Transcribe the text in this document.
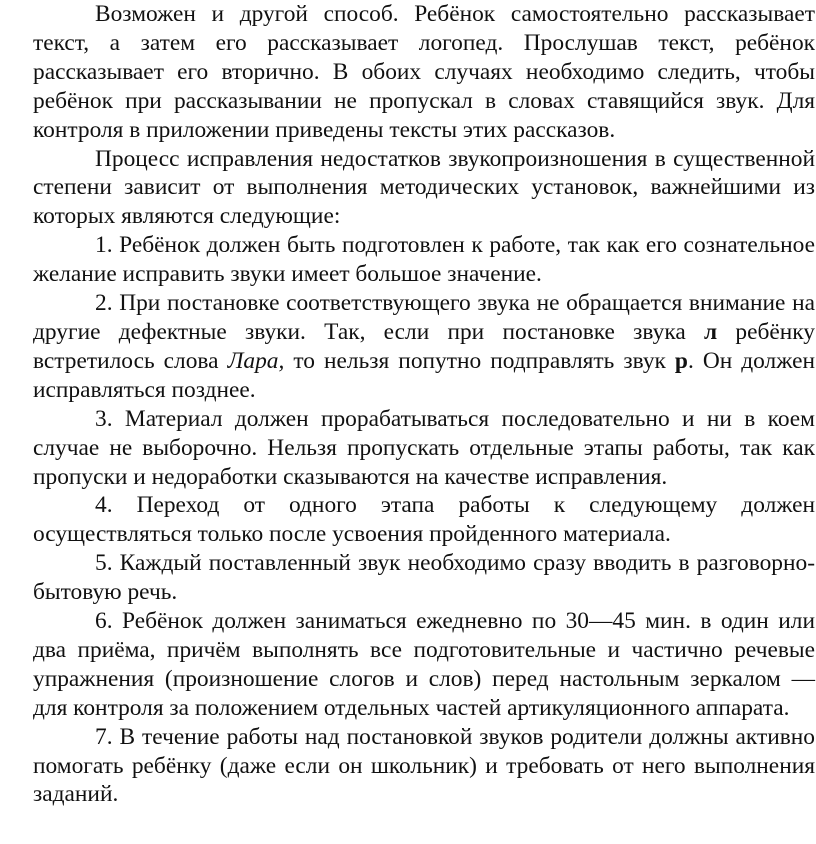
Возможен и другой способ. Ребёнок самостоятельно рассказывает текст, а затем его рассказывает логопед. Прослушав текст, ребёнок рассказывает его вторично. В обоих случаях необходимо следить, чтобы ребёнок при рассказывании не пропускал в словах ставящийся звук. Для контроля в приложении приведены тексты этих рассказов.

Процесс исправления недостатков звукопроизношения в существенной степени зависит от выполнения методических установок, важнейшими из которых являются следующие:

1. Ребёнок должен быть подготовлен к работе, так как его сознательное желание исправить звуки имеет большое значение.

2. При постановке соответствующего звука не обращается внимание на другие дефектные звуки. Так, если при постановке звука л ребёнку встретилось слова Лара, то нельзя попутно подправлять звук р. Он должен исправляться позднее.

3. Материал должен прорабатываться последовательно и ни в коем случае не выборочно. Нельзя пропускать отдельные этапы работы, так как пропуски и недоработки сказываются на качестве исправления.

4. Переход от одного этапа работы к следующему должен осуществляться только после усвоения пройденного материала.

5. Каждый поставленный звук необходимо сразу вводить в разговорно-бытовую речь.

6. Ребёнок должен заниматься ежедневно по 30—45 мин. в один или два приёма, причём выполнять все подготовительные и частично речевые упражнения (произношение слогов и слов) перед настольным зеркалом — для контроля за положением отдельных частей артикуляционного аппарата.

7. В течение работы над постановкой звуков родители должны активно помогать ребёнку (даже если он школьник) и требовать от него выполнения заданий.
